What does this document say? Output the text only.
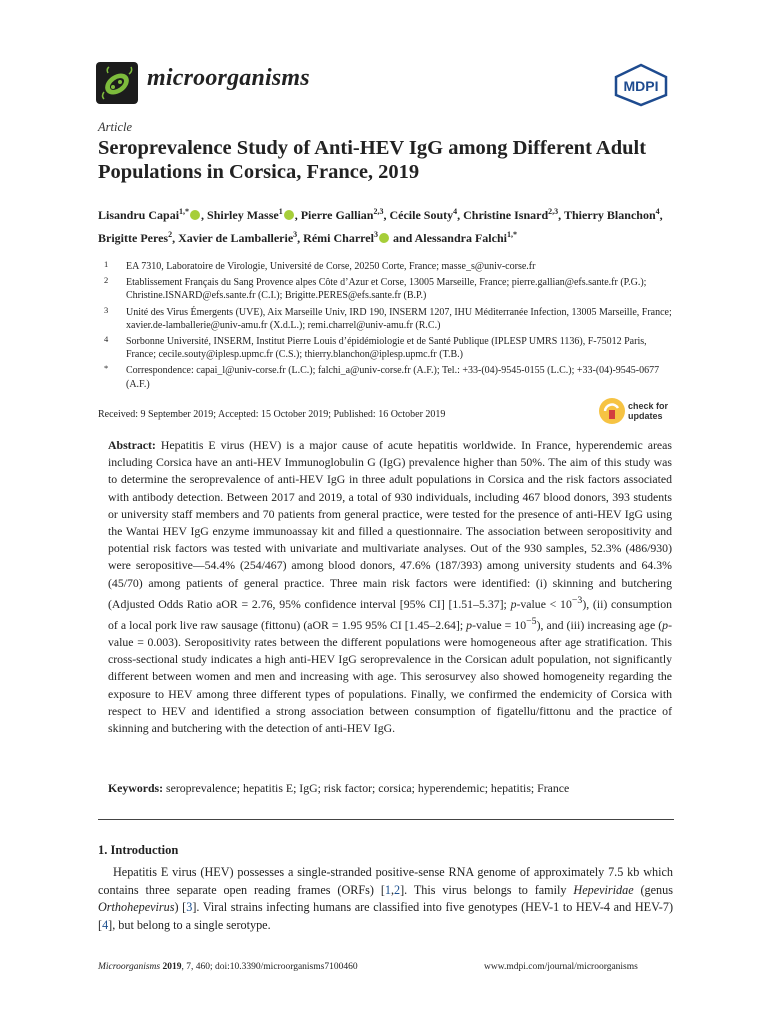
microorganisms	MDPI
Article
Seroprevalence Study of Anti-HEV IgG among Different Adult Populations in Corsica, France, 2019
Lisandru Capai$^{1,*}$ , Shirley Masse$^1$ , Pierre Gallian$^{2,3}$, Cécile Souty$^4$, Christine Isnard$^{2,3}$, Thierry Blanchon$^4$, Brigitte Peres$^2$, Xavier de Lamballerie$^3$, Rémi Charrel$^3$ and Alessandra Falchi$^{1,*}$
1 EA 7310, Laboratoire de Virologie, Université de Corse, 20250 Corte, France; masse_s@univ-corse.fr
2 Etablissement Français du Sang Provence alpes Côte d’Azur et Corse, 13005 Marseille, France; pierre.gallian@efs.sante.fr (P.G.); Christine.ISNARD@efs.sante.fr (C.I.); Brigitte.PERES@efs.sante.fr (B.P.)
3 Unité des Virus Émergents (UVE), Aix Marseille Univ, IRD 190, INSERM 1207, IHU Méditerranée Infection, 13005 Marseille, France; xavier.de-lamballerie@univ-amu.fr (X.d.L.); remi.charrel@univ-amu.fr (R.C.)
4 Sorbonne Université, INSERM, Institut Pierre Louis d’épidémiologie et de Santé Publique (IPLESP UMRS 1136), F-75012 Paris, France; cecile.souty@iplesp.upmc.fr (C.S.); thierry.blanchon@iplesp.upmc.fr (T.B.)
* Correspondence: capai_l@univ-corse.fr (L.C.); falchi_a@univ-corse.fr (A.F.); Tel.: +33-(04)-9545-0155 (L.C.); +33-(04)-9545-0677 (A.F.)
Received: 9 September 2019; Accepted: 15 October 2019; Published: 16 October 2019
check for
updates
Abstract: Hepatitis E virus (HEV) is a major cause of acute hepatitis worldwide. In France, hyperendemic areas including Corsica have an anti-HEV Immunoglobulin G (IgG) prevalence higher than 50%. The aim of this study was to determine the seroprevalence of anti-HEV IgG in three adult populations in Corsica and the risk factors associated with antibody detection. Between 2017 and 2019, a total of 930 individuals, including 467 blood donors, 393 students or university staff members and 70 patients from general practice, were tested for the presence of anti-HEV IgG using the Wantai HEV IgG enzyme immunoassay kit and filled a questionnaire. The association between seropositivity and potential risk factors was tested with univariate and multivariate analyses. Out of the 930 samples, 52.3% (486/930) were seropositive—54.4% (254/467) among blood donors, 47.6% (187/393) among university students and 64.3% (45/70) among patients of general practice. Three main risk factors were identified: (i) skinning and butchering (Adjusted Odds Ratio aOR = 2.76, 95% confidence interval [95% CI] [1.51–5.37]; p-value < $10^{-3}$), (ii) consumption of a local pork live raw sausage (fittonu) (aOR = 1.95 95% CI [1.45–2.64]; p-value = $10^{-5}$), and (iii) increasing age (p-value = 0.003). Seropositivity rates between the different populations were homogeneous after age stratification. This cross-sectional study indicates a high anti-HEV IgG seroprevalence in the Corsican adult population, not significantly different between women and men and increasing with age. This serosurvey also showed homogeneity regarding the exposure to HEV among three different types of populations. Finally, we confirmed the endemicity of Corsica with respect to HEV and identified a strong association between consumption of figatellu/fittonu and the practice of skinning and butchering with the detection of anti-HEV IgG.
Keywords: seroprevalence; hepatitis E; IgG; risk factor; corsica; hyperendemic; hepatitis; France
1. Introduction
Hepatitis E virus (HEV) possesses a single-stranded positive-sense RNA genome of approximately 7.5 kb which contains three separate open reading frames (ORFs) [1,2]. This virus belongs to family Hepeviridae (genus Orthohepevirus) [3]. Viral strains infecting humans are classified into five genotypes (HEV-1 to HEV-4 and HEV-7) [4], but belong to a single serotype.
Microorganisms 2019, 7, 460; doi:10.3390/microorganisms7100460	www.mdpi.com/journal/microorganisms
